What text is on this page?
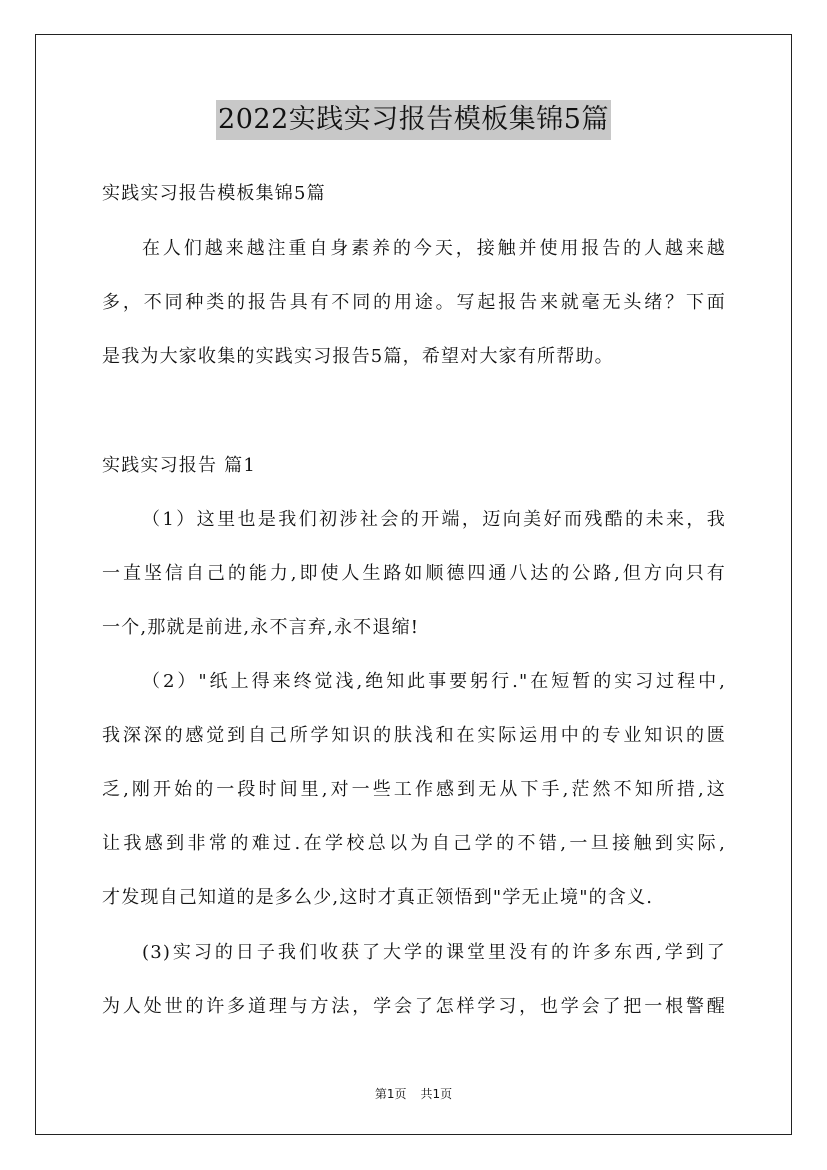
2022实践实习报告模板集锦5篇
实践实习报告模板集锦5篇
在人们越来越注重自身素养的今天，接触并使用报告的人越来越
多，不同种类的报告具有不同的用途。写起报告来就毫无头绪？下面
是我为大家收集的实践实习报告5篇，希望对大家有所帮助。
实践实习报告 篇1
（1）这里也是我们初涉社会的开端，迈向美好而残酷的未来，我
一直坚信自己的能力,即使人生路如顺德四通八达的公路,但方向只有
一个,那就是前进,永不言弃,永不退缩!
（2）"纸上得来终觉浅,绝知此事要躬行."在短暂的实习过程中,
我深深的感觉到自己所学知识的肤浅和在实际运用中的专业知识的匮
乏,刚开始的一段时间里,对一些工作感到无从下手,茫然不知所措,这
让我感到非常的难过.在学校总以为自己学的不错,一旦接触到实际,
才发现自己知道的是多么少,这时才真正领悟到"学无止境"的含义.
(3)实习的日子我们收获了大学的课堂里没有的许多东西,学到了
为人处世的许多道理与方法，学会了怎样学习，也学会了把一根警醒
第1页 共1页
